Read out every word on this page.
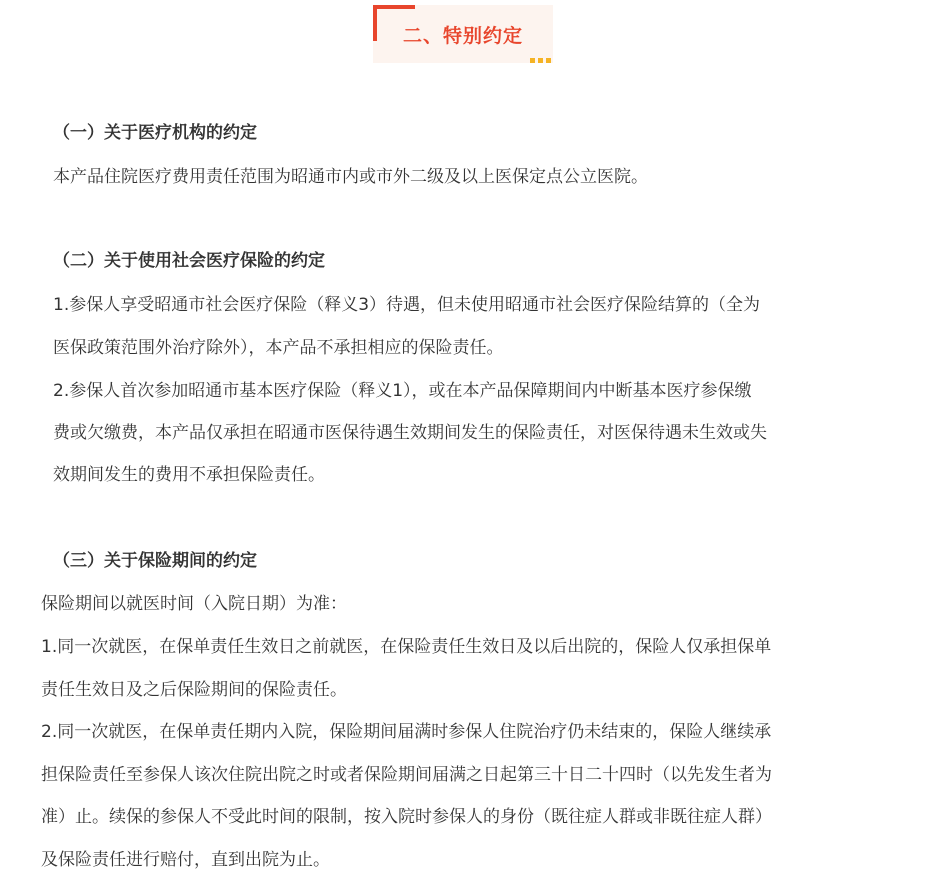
二、特别约定
（一）关于医疗机构的约定
本产品住院医疗费用责任范围为昭通市内或市外二级及以上医保定点公立医院。
（二）关于使用社会医疗保险的约定
1.参保人享受昭通市社会医疗保险（释义3）待遇，但未使用昭通市社会医疗保险结算的（全为
医保政策范围外治疗除外），本产品不承担相应的保险责任。
2.参保人首次参加昭通市基本医疗保险（释义1），或在本产品保障期间内中断基本医疗参保缴
费或欠缴费，本产品仅承担在昭通市医保待遇生效期间发生的保险责任，对医保待遇未生效或失
效期间发生的费用不承担保险责任。
（三）关于保险期间的约定
保险期间以就医时间（入院日期）为准：
1.同一次就医，在保单责任生效日之前就医，在保险责任生效日及以后出院的，保险人仅承担保单
责任生效日及之后保险期间的保险责任。
2.同一次就医，在保单责任期内入院，保险期间届满时参保人住院治疗仍未结束的，保险人继续承
担保险责任至参保人该次住院出院之时或者保险期间届满之日起第三十日二十四时（以先发生者为
准）止。续保的参保人不受此时间的限制，按入院时参保人的身份（既往症人群或非既往症人群）
及保险责任进行赔付，直到出院为止。
